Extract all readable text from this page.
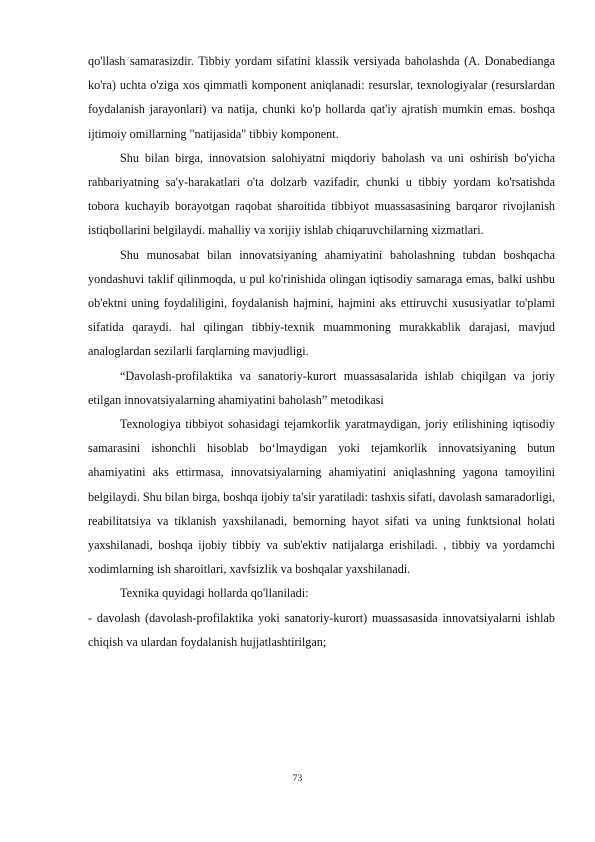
qo'llash samarasizdir. Tibbiy yordam sifatini klassik versiyada baholashda (A. Donabedianga ko'ra) uchta o'ziga xos qimmatli komponent aniqlanadi: resurslar, texnologiyalar (resurslardan foydalanish jarayonlari) va natija, chunki ko'p hollarda qat'iy ajratish mumkin emas. boshqa ijtimoiy omillarning "natijasida" tibbiy komponent.

Shu bilan birga, innovatsion salohiyatni miqdoriy baholash va uni oshirish bo'yicha rahbariyatning sa'y-harakatlari o'ta dolzarb vazifadir, chunki u tibbiy yordam ko'rsatishda tobora kuchayib borayotgan raqobat sharoitida tibbiyot muassasasining barqaror rivojlanish istiqbollarini belgilaydi. mahalliy va xorijiy ishlab chiqaruvchilarning xizmatlari.

Shu munosabat bilan innovatsiyaning ahamiyatini baholashning tubdan boshqacha yondashuvi taklif qilinmoqda, u pul ko'rinishida olingan iqtisodiy samaraga emas, balki ushbu ob'ektni uning foydaliligini, foydalanish hajmini, hajmini aks ettiruvchi xususiyatlar to'plami sifatida qaraydi. hal qilingan tibbiy-texnik muammoning murakkablik darajasi, mavjud analoglardan sezilarli farqlarning mavjudligi.

“Davolash-profilaktika va sanatoriy-kurort muassasalarida ishlab chiqilgan va joriy etilgan innovatsiyalarning ahamiyatini baholash” metodikasi

Texnologiya tibbiyot sohasidagi tejamkorlik yaratmaydigan, joriy etilishining iqtisodiy samarasini ishonchli hisoblab bo‘lmaydigan yoki tejamkorlik innovatsiyaning butun ahamiyatini aks ettirmasa, innovatsiyalarning ahamiyatini aniqlashning yagona tamoyilini belgilaydi. Shu bilan birga, boshqa ijobiy ta'sir yaratiladi: tashxis sifati, davolash samaradorligi, reabilitatsiya va tiklanish yaxshilanadi, bemorning hayot sifati va uning funktsional holati yaxshilanadi, boshqa ijobiy tibbiy va sub'ektiv natijalarga erishiladi. , tibbiy va yordamchi xodimlarning ish sharoitlari, xavfsizlik va boshqalar yaxshilanadi.

Texnika quyidagi hollarda qo'llaniladi:

- davolash (davolash-profilaktika yoki sanatoriy-kurort) muassasasida innovatsiyalarni ishlab chiqish va ulardan foydalanish hujjatlashtirilgan;

73
